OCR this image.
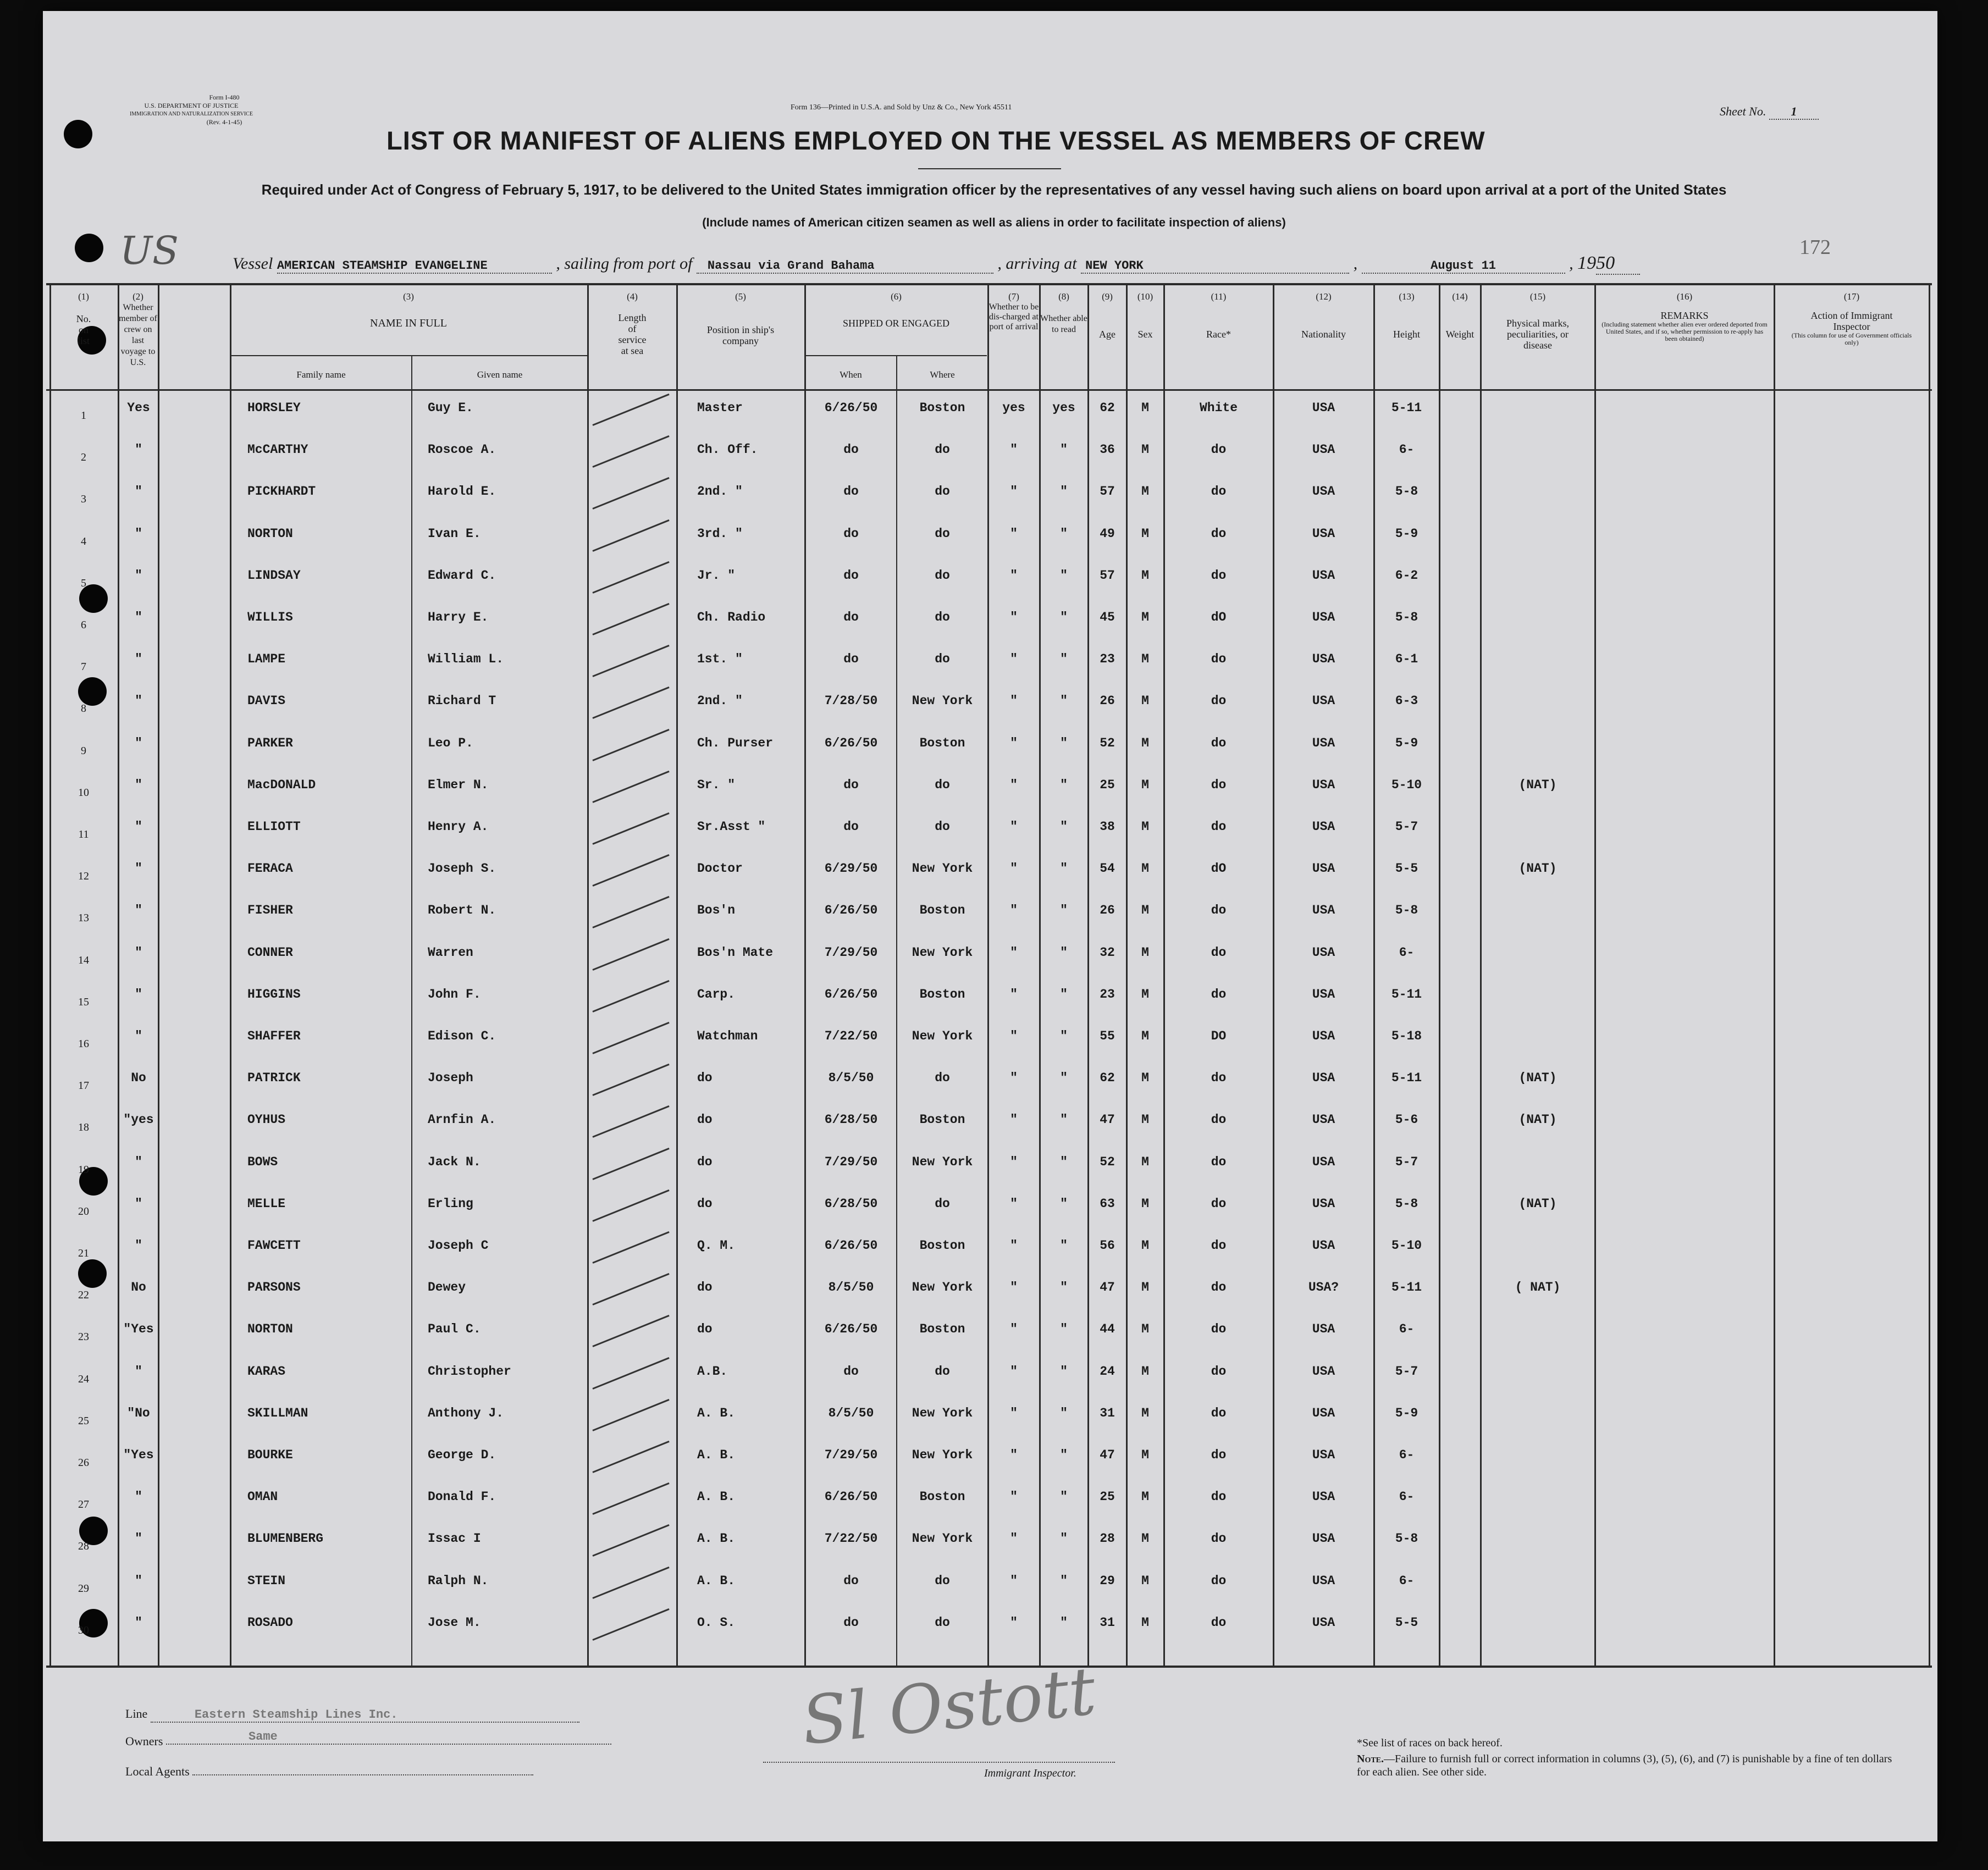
Form I-480
U.S. DEPARTMENT OF JUSTICE
IMMIGRATION AND NATURALIZATION SERVICE
(Rev. 4-1-45)
Form 136—Printed in U.S.A. and Sold by Unz & Co., New York 45511	Sheet No. 1
LIST OR MANIFEST OF ALIENS EMPLOYED ON THE VESSEL AS MEMBERS OF CREW
Required under Act of Congress of February 5, 1917, to be delivered to the United States immigration officer by the representatives of any vessel having such aliens on board upon arrival at a port of the United States
(Include names of American citizen seamen as well as aliens in order to facilitate inspection of aliens)
US	172
Vessel AMERICAN STEAMSHIP EVANGELINE	, sailing from port of Nassau via Grand Bahama	, arriving at NEW YORK	,	August 11	, 1950
(1)
No. on list
(2)
Whether member of crew on last voyage to U.S.
(3)
NAME IN FULL
Family name	Given name
(4)
Length of service at sea
(5)
Position in ship's company
(6)
SHIPPED OR ENGAGED
When	Where
(7)
Whether to be dis-charged at port of arrival
(8)
Whether able to read
(9)
Age
(10)
Sex
(11)
Race*
(12)
Nationality
(13)
Height
(14)
Weight
(15)
Physical marks, peculiarities, or disease
(16)
REMARKS
(Including statement whether alien ever ordered deported from United States, and if so, whether permission to re-apply has been obtained)
(17)
Action of Immigrant Inspector
(This column for use of Government officials only)
1
Yes	HORSLEY	Guy E.	Master	6/26/50	Boston	yes	yes	62	M	White	USA	5-11
2
"	McCARTHY	Roscoe A.	Ch. Off.	do	do	"	"	36	M	do	USA	6-
3
"	PICKHARDT	Harold E.	2nd. "	do	do	"	"	57	M	do	USA	5-8
4
"	NORTON	Ivan E.	3rd. "	do	do	"	"	49	M	do	USA	5-9
5
"	LINDSAY	Edward C.	Jr. "	do	do	"	"	57	M	do	USA	6-2
6
"	WILLIS	Harry E.	Ch. Radio	do	do	"	"	45	M	dO	USA	5-8
7
"	LAMPE	William L.	1st. "	do	do	"	"	23	M	do	USA	6-1
8
"	DAVIS	Richard T	2nd. "	7/28/50	New York	"	"	26	M	do	USA	6-3
9
"	PARKER	Leo P.	Ch. Purser	6/26/50	Boston	"	"	52	M	do	USA	5-9
10
"	MacDONALD	Elmer N.	Sr. "	do	do	"	"	25	M	do	USA	5-10	(NAT)
11
"	ELLIOTT	Henry A.	Sr.Asst "	do	do	"	"	38	M	do	USA	5-7
12
"	FERACA	Joseph S.	Doctor	6/29/50	New York	"	"	54	M	dO	USA	5-5	(NAT)
13
"	FISHER	Robert N.	Bos'n	6/26/50	Boston	"	"	26	M	do	USA	5-8
14
"	CONNER	Warren	Bos'n Mate	7/29/50	New York	"	"	32	M	do	USA	6-
15
"	HIGGINS	John F.	Carp.	6/26/50	Boston	"	"	23	M	do	USA	5-11
16
"	SHAFFER	Edison C.	Watchman	7/22/50	New York	"	"	55	M	DO	USA	5-18
17
No	PATRICK	Joseph	do	8/5/50	do	"	"	62	M	do	USA	5-11	(NAT)
18
"yes	OYHUS	Arnfin A.	do	6/28/50	Boston	"	"	47	M	do	USA	5-6	(NAT)
19
"	BOWS	Jack N.	do	7/29/50	New York	"	"	52	M	do	USA	5-7
20
"	MELLE	Erling	do	6/28/50	do	"	"	63	M	do	USA	5-8	(NAT)
21
"	FAWCETT	Joseph C	Q. M.	6/26/50	Boston	"	"	56	M	do	USA	5-10
22
No	PARSONS	Dewey	do	8/5/50	New York	"	"	47	M	do	USA?	5-11	( NAT)
23
"Yes	NORTON	Paul C.	do	6/26/50	Boston	"	"	44	M	do	USA	6-
24
"	KARAS	Christopher	A.B.	do	do	"	"	24	M	do	USA	5-7
25
"No	SKILLMAN	Anthony J.	A. B.	8/5/50	New York	"	"	31	M	do	USA	5-9
26
"Yes	BOURKE	George D.	A. B.	7/29/50	New York	"	"	47	M	do	USA	6-
27
"	OMAN	Donald F.	A. B.	6/26/50	Boston	"	"	25	M	do	USA	6-
28
"	BLUMENBERG	Issac I	A. B.	7/22/50	New York	"	"	28	M	do	USA	5-8
29
"	STEIN	Ralph N.	A. B.	do	do	"	"	29	M	do	USA	6-
30
"	ROSADO	Jose M.	O. S.	do	do	"	"	31	M	do	USA	5-5
Line	Eastern Steamship Lines Inc.
Owners	Same
Local Agents
Sl Ostott
Immigrant Inspector.
*See list of races on back hereof.
Note.—Failure to furnish full or correct information in columns (3), (5), (6), and (7) is punishable by a fine of ten dollars for each alien. See other side.
